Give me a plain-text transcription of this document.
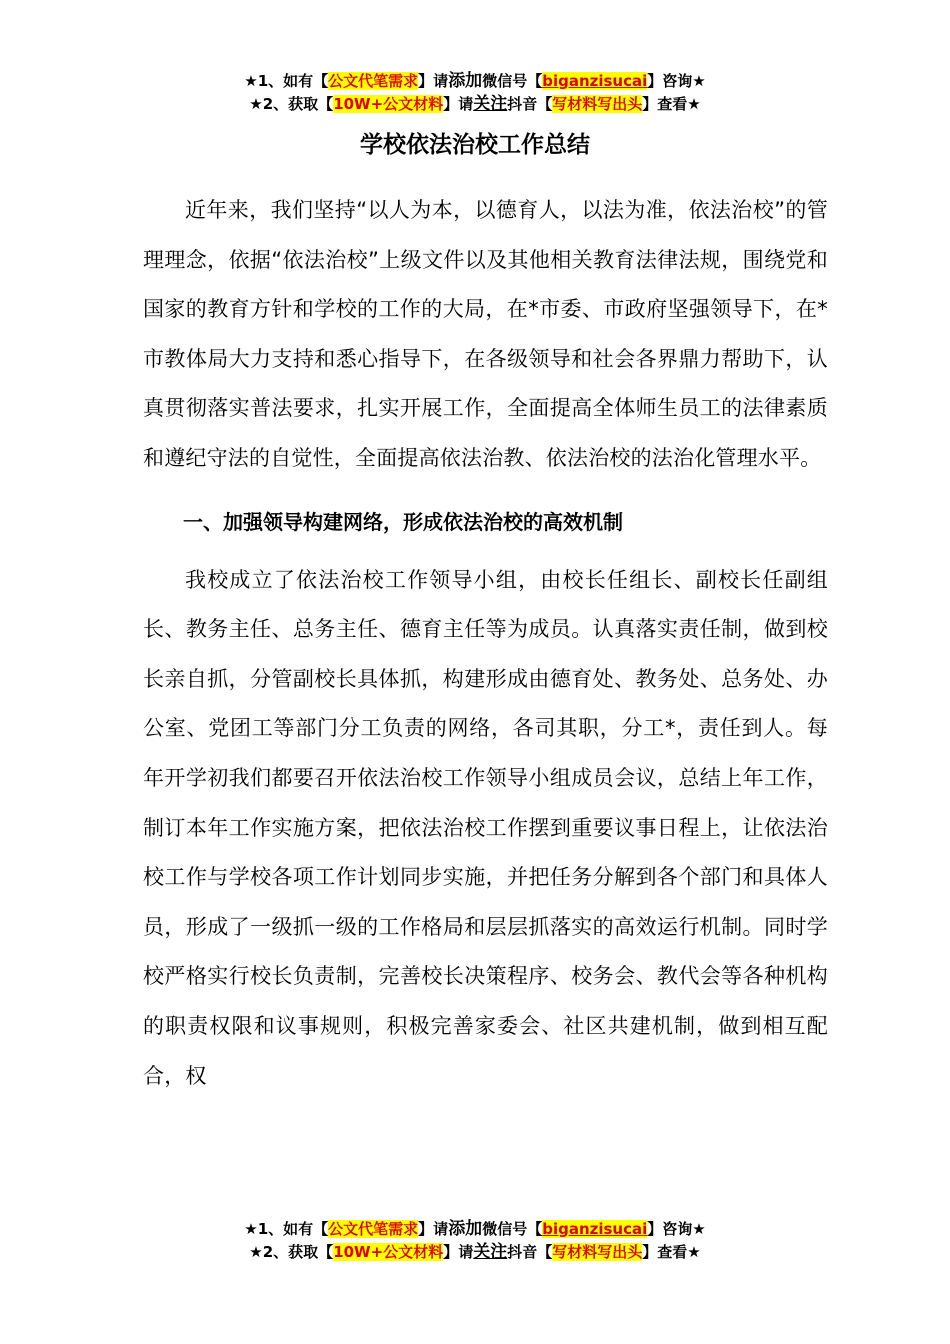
★1、如有【公文代笔需求】请添加微信号【biganzisucai】咨询★
★2、获取【10W+公文材料】请关注抖音【写材料写出头】查看★
学校依法治校工作总结

近年来，我们坚持“以人为本，以德育人，以法为准，依法治校”的管理理念，依据“依法治校”上级文件以及其他相关教育法律法规，围绕党和国家的教育方针和学校的工作的大局，在*市委、市政府坚强领导下，在*市教体局大力支持和悉心指导下，在各级领导和社会各界鼎力帮助下，认真贯彻落实普法要求，扎实开展工作，全面提高全体师生员工的法律素质和遵纪守法的自觉性，全面提高依法治教、依法治校的法治化管理水平。

一、加强领导构建网络，形成依法治校的高效机制

我校成立了依法治校工作领导小组，由校长任组长、副校长任副组长、教务主任、总务主任、德育主任等为成员。认真落实责任制，做到校长亲自抓，分管副校长具体抓，构建形成由德育处、教务处、总务处、办公室、党团工等部门分工负责的网络，各司其职，分工*，责任到人。每年开学初我们都要召开依法治校工作领导小组成员会议，总结上年工作，制订本年工作实施方案，把依法治校工作摆到重要议事日程上，让依法治校工作与学校各项工作计划同步实施，并把任务分解到各个部门和具体人员，形成了一级抓一级的工作格局和层层抓落实的高效运行机制。同时学校严格实行校长负责制，完善校长决策程序、校务会、教代会等各种机构的职责权限和议事规则，积极完善家委会、社区共建机制，做到相互配合，权

★1、如有【公文代笔需求】请添加微信号【biganzisucai】咨询★
★2、获取【10W+公文材料】请关注抖音【写材料写出头】查看★
